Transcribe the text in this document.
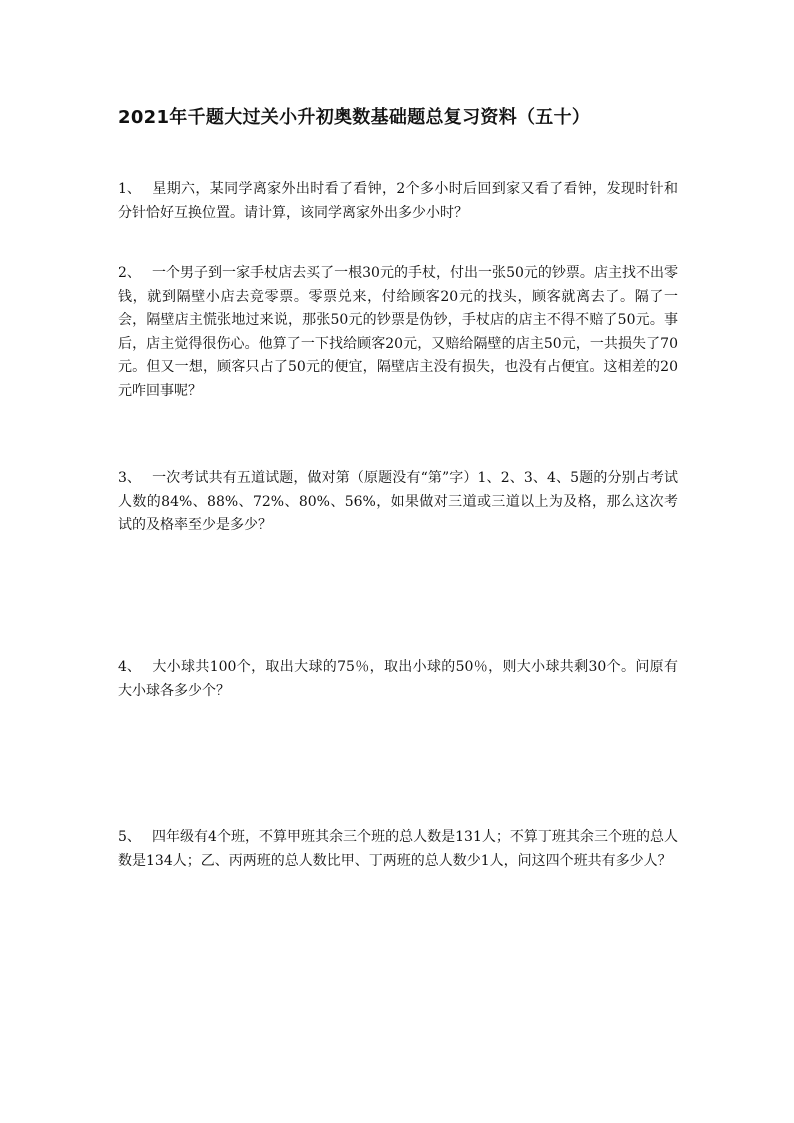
2021年千题大过关小升初奥数基础题总复习资料（五十）
1、 星期六，某同学离家外出时看了看钟，2个多小时后回到家又看了看钟，发现时针和分针恰好互换位置。请计算，该同学离家外出多少小时？
2、 一个男子到一家手杖店去买了一根30元的手杖，付出一张50元的钞票。店主找不出零钱，就到隔壁小店去竞零票。零票兑来，付给顾客20元的找头，顾客就离去了。隔了一会，隔壁店主慌张地过来说，那张50元的钞票是伪钞，手杖店的店主不得不赔了50元。事后，店主觉得很伤心。他算了一下找给顾客20元，又赔给隔壁的店主50元，一共损失了70元。但又一想，顾客只占了50元的便宜，隔壁店主没有损失，也没有占便宜。这相差的20元咋回事呢？
3、 一次考试共有五道试题，做对第（原题没有“第”字）1、2、3、4、5题的分别占考试人数的84%、88%、72%、80%、56%，如果做对三道或三道以上为及格，那么这次考试的及格率至少是多少？
4、 大小球共100个，取出大球的75％，取出小球的50％，则大小球共剩30个。问原有大小球各多少个？
5、 四年级有4个班，不算甲班其余三个班的总人数是131人；不算丁班其余三个班的总人数是134人；乙、丙两班的总人数比甲、丁两班的总人数少1人，问这四个班共有多少人？
